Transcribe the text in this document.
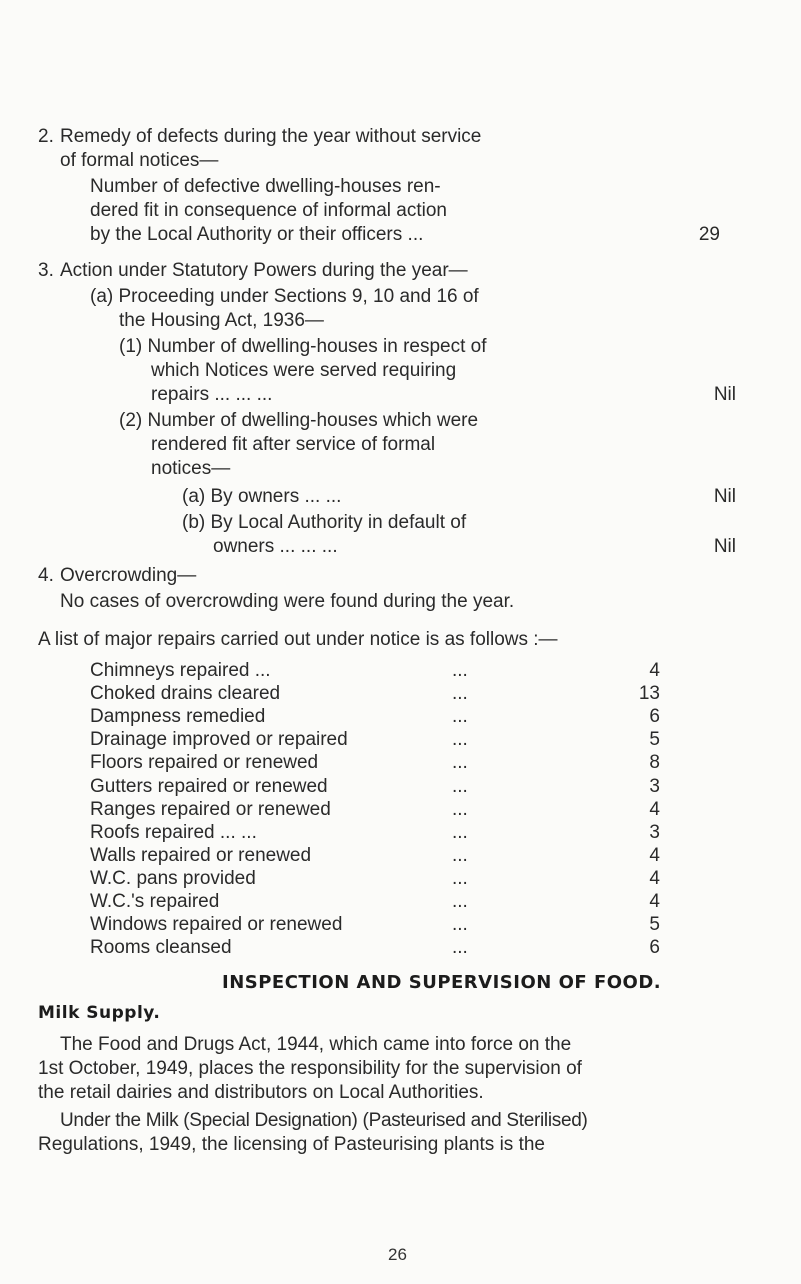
2. Remedy of defects during the year without service
of formal notices—
Number of defective dwelling-houses ren-
dered fit in consequence of informal action
by the Local Authority or their officers ...	29
3. Action under Statutory Powers during the year—
(a) Proceeding under Sections 9, 10 and 16 of
the Housing Act, 1936—
(1) Number of dwelling-houses in respect of
which Notices were served requiring
repairs ... ... ...	Nil
(2) Number of dwelling-houses which were
rendered fit after service of formal
notices—
(a) By owners ... ...	Nil
(b) By Local Authority in default of
owners ... ... ...	Nil
4. Overcrowding—
No cases of overcrowding were found during the year.
A list of major repairs carried out under notice is as follows :—
Chimneys repaired ...	...	4
Choked drains cleared	...	13
Dampness remedied	...	6
Drainage improved or repaired	...	5
Floors repaired or renewed	...	8
Gutters repaired or renewed	...	3
Ranges repaired or renewed	...	4
Roofs repaired ... ...	...	3
Walls repaired or renewed	...	4
W.C. pans provided	...	4
W.C.'s repaired	...	4
Windows repaired or renewed	...	5
Rooms cleansed	...	6
INSPECTION AND SUPERVISION OF FOOD.
Milk Supply.
The Food and Drugs Act, 1944, which came into force on the
1st October, 1949, places the responsibility for the supervision of
the retail dairies and distributors on Local Authorities.
Under the Milk (Special Designation) (Pasteurised and Sterilised)
Regulations, 1949, the licensing of Pasteurising plants is the
26
